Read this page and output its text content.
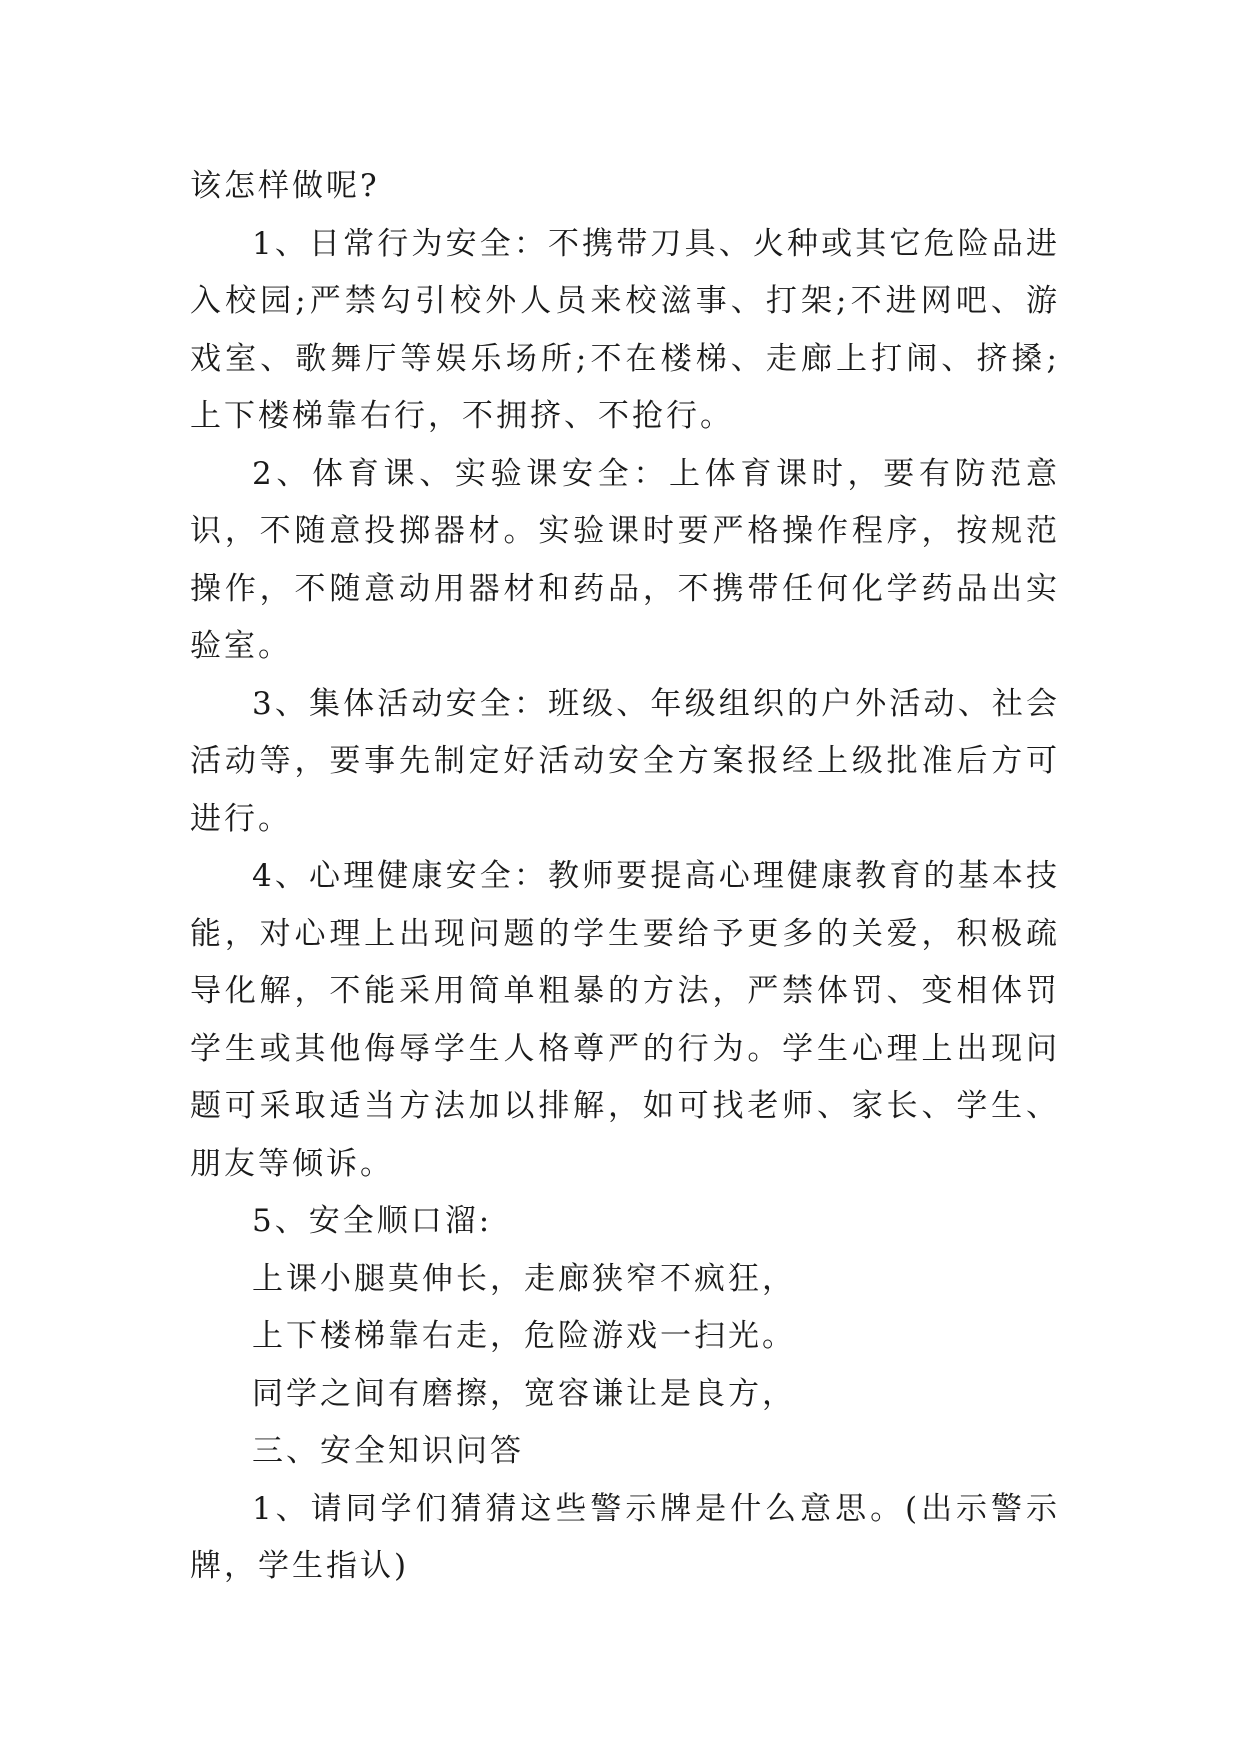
该怎样做呢?

1、日常行为安全：不携带刀具、火种或其它危险品进入校园;严禁勾引校外人员来校滋事、打架;不进网吧、游戏室、歌舞厅等娱乐场所;不在楼梯、走廊上打闹、挤搡;上下楼梯靠右行，不拥挤、不抢行。

2、体育课、实验课安全：上体育课时，要有防范意识，不随意投掷器材。实验课时要严格操作程序，按规范操作，不随意动用器材和药品，不携带任何化学药品出实验室。

3、集体活动安全：班级、年级组织的户外活动、社会活动等，要事先制定好活动安全方案报经上级批准后方可进行。

4、心理健康安全：教师要提高心理健康教育的基本技能，对心理上出现问题的学生要给予更多的关爱，积极疏导化解，不能采用简单粗暴的方法，严禁体罚、变相体罚学生或其他侮辱学生人格尊严的行为。学生心理上出现问题可采取适当方法加以排解，如可找老师、家长、学生、朋友等倾诉。

5、安全顺口溜:

上课小腿莫伸长，走廊狭窄不疯狂，

上下楼梯靠右走，危险游戏一扫光。

同学之间有磨擦，宽容谦让是良方，

三、安全知识问答

1、请同学们猜猜这些警示牌是什么意思。(出示警示牌，学生指认)
